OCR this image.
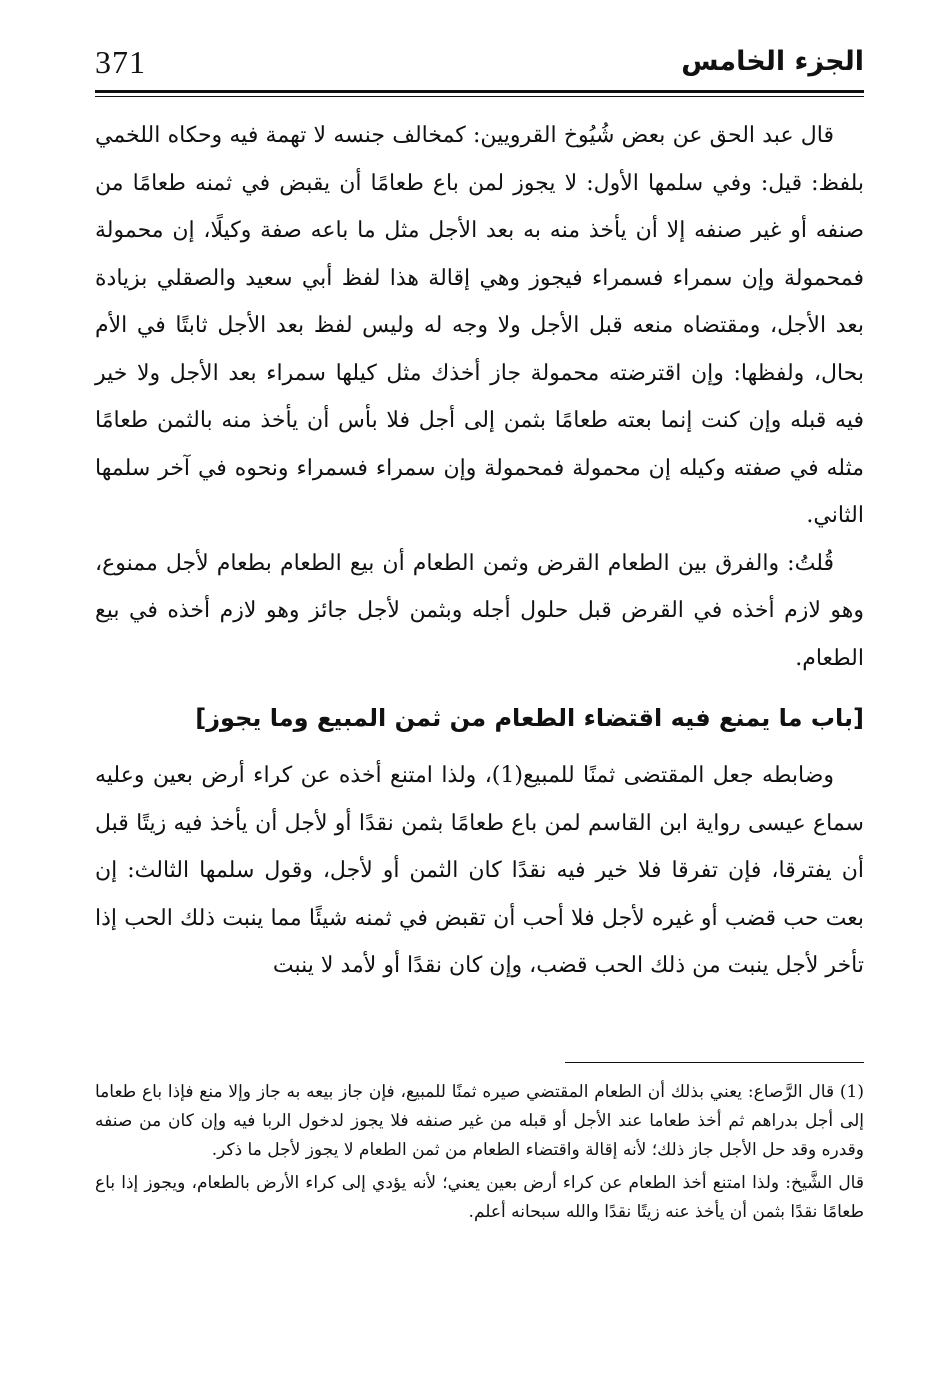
371	الجزء الخامس

قال عبد الحق عن بعض شُيُوخ القرويين: كمخالف جنسه لا تهمة فيه وحكاه اللخمي بلفظ: قيل: وفي سلمها الأول: لا يجوز لمن باع طعامًا أن يقبض في ثمنه طعامًا من صنفه أو غير صنفه إلا أن يأخذ منه به بعد الأجل مثل ما باعه صفة وكيلًا، إن محمولة فمحمولة وإن سمراء فسمراء فيجوز وهي إقالة هذا لفظ أبي سعيد والصقلي بزيادة بعد الأجل، ومقتضاه منعه قبل الأجل ولا وجه له وليس لفظ بعد الأجل ثابتًا في الأم بحال، ولفظها: وإن اقترضته محمولة جاز أخذك مثل كيلها سمراء بعد الأجل ولا خير فيه قبله وإن كنت إنما بعته طعامًا بثمن إلى أجل فلا بأس أن يأخذ منه بالثمن طعامًا مثله في صفته وكيله إن محمولة فمحمولة وإن سمراء فسمراء ونحوه في آخر سلمها الثاني.

قُلتُ: والفرق بين الطعام القرض وثمن الطعام أن بيع الطعام بطعام لأجل ممنوع، وهو لازم أخذه في القرض قبل حلول أجله وبثمن لأجل جائز وهو لازم أخذه في بيع الطعام.

[باب ما يمنع فيه اقتضاء الطعام من ثمن المبيع وما يجوز]

وضابطه جعل المقتضى ثمنًا للمبيع(1)، ولذا امتنع أخذه عن كراء أرض بعين وعليه سماع عيسى رواية ابن القاسم لمن باع طعامًا بثمن نقدًا أو لأجل أن يأخذ فيه زيتًا قبل أن يفترقا، فإن تفرقا فلا خير فيه نقدًا كان الثمن أو لأجل، وقول سلمها الثالث: إن بعت حب قضب أو غيره لأجل فلا أحب أن تقبض في ثمنه شيئًا مما ينبت ذلك الحب إذا تأخر لأجل ينبت من ذلك الحب قضب، وإن كان نقدًا أو لأمد لا ينبت

(1) قال الرَّصاع: يعني بذلك أن الطعام المقتضي صيره ثمنًا للمبيع، فإن جاز بيعه به جاز وإلا منع فإذا باع طعاما إلى أجل بدراهم ثم أخذ طعاما عند الأجل أو قبله من غير صنفه فلا يجوز لدخول الربا فيه وإن كان من صنفه وقدره وقد حل الأجل جاز ذلك؛ لأنه إقالة واقتضاء الطعام من ثمن الطعام لا يجوز لأجل ما ذكر.

قال الشَّيخ: ولذا امتنع أخذ الطعام عن كراء أرض بعين يعني؛ لأنه يؤدي إلى كراء الأرض بالطعام، ويجوز إذا باع طعامًا نقدًا بثمن أن يأخذ عنه زيتًا نقدًا والله سبحانه أعلم.
